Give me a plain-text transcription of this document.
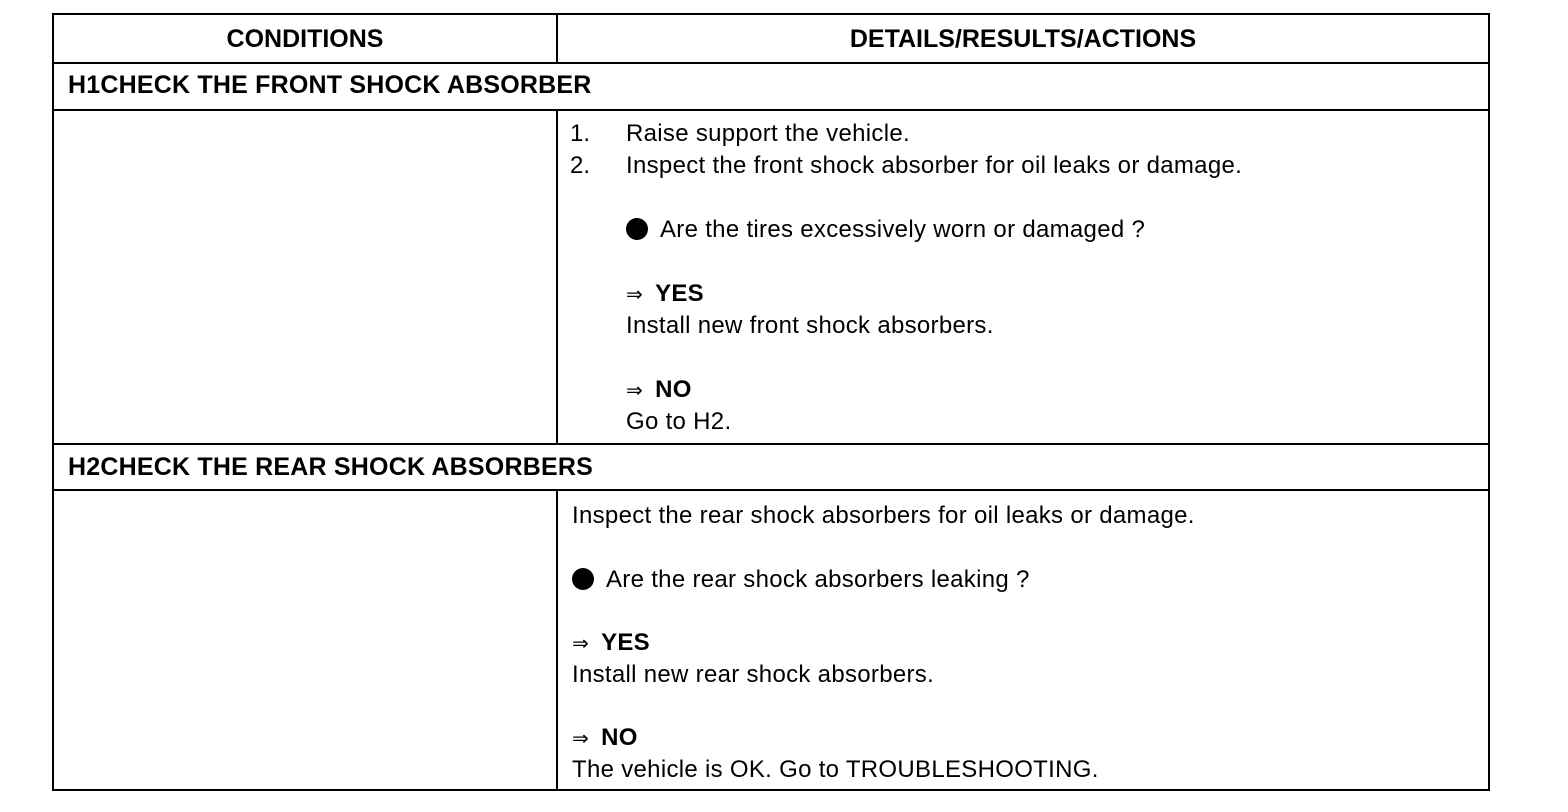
CONDITIONS	DETAILS/RESULTS/ACTIONS
H1CHECK THE FRONT SHOCK ABSORBER
1. Raise support the vehicle.
2. Inspect the front shock absorber for oil leaks or damage.
Are the tires excessively worn or damaged ?
⇒ YES
Install new front shock absorbers.
⇒ NO
Go to H2.
H2CHECK THE REAR SHOCK ABSORBERS
Inspect the rear shock absorbers for oil leaks or damage.
Are the rear shock absorbers leaking ?
⇒ YES
Install new rear shock absorbers.
⇒ NO
The vehicle is OK. Go to TROUBLESHOOTING.
